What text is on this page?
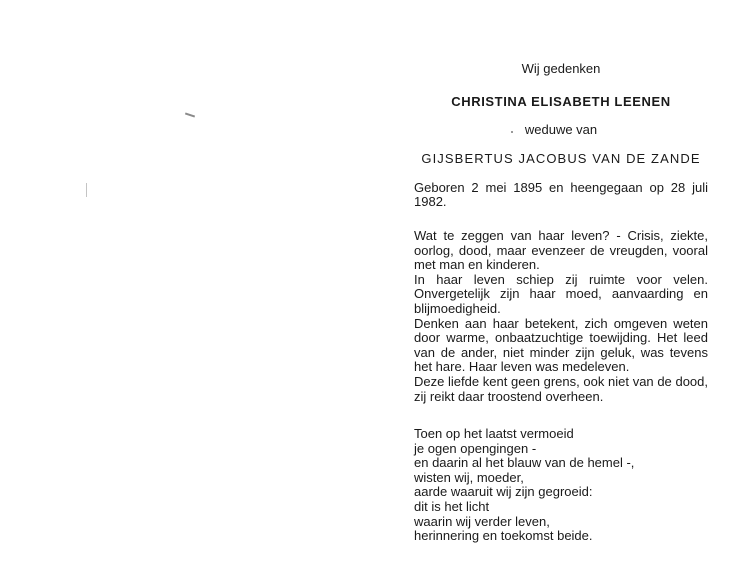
Wij gedenken
CHRISTINA ELISABETH LEENEN
weduwe van
GIJSBERTUS JACOBUS VAN DE ZANDE

Geboren 2 mei 1895 en heengegaan op 28 juli 1982.

Wat te zeggen van haar leven? - Crisis, ziekte, oorlog, dood, maar evenzeer de vreugden, vooral met man en kinderen.

In haar leven schiep zij ruimte voor velen. Onvergetelijk zijn haar moed, aanvaarding en blijmoedigheid.

Denken aan haar betekent, zich omgeven weten door warme, onbaatzuchtige toewijding. Het leed van de ander, niet minder zijn geluk, was tevens het hare. Haar leven was medeleven.

Deze liefde kent geen grens, ook niet van de dood, zij reikt daar troostend overheen.

Toen op het laatst vermoeid
je ogen opengingen -
en daarin al het blauw van de hemel -,
wisten wij, moeder,
aarde waaruit wij zijn gegroeid:
dit is het licht
waarin wij verder leven,
herinnering en toekomst beide.
